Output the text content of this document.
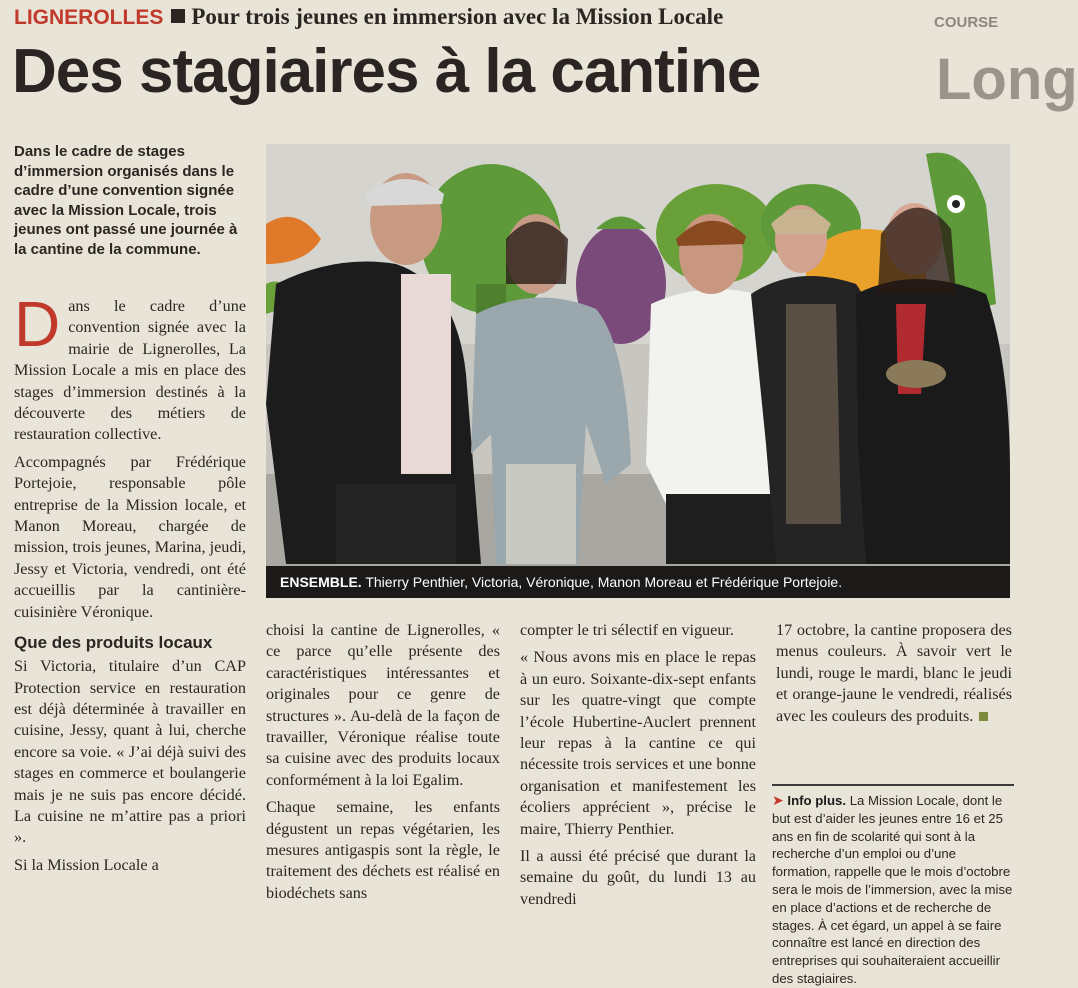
LIGNEROLLES Pour trois jeunes en immersion avec la Mission Locale
Des stagiaires à la cantine
COURSE
Long
Dans le cadre de stages d’immersion organisés dans le cadre d’une convention signée avec la Mission Locale, trois jeunes ont passé une journée à la cantine de la commune.

Dans le cadre d’une convention signée avec la mairie de Lignerolles, La Mission Locale a mis en place des stages d’immersion destinés à la découverte des métiers de restauration collective.

Accompagnés par Frédérique Portejoie, responsable pôle entreprise de la Mission locale, et Manon Moreau, chargée de mission, trois jeunes, Marina, jeudi, Jessy et Victoria, vendredi, ont été accueillis par la cantinière-cuisinière Véronique.

Que des produits locaux

Si Victoria, titulaire d’un CAP Protection service en restauration est déjà déterminée à travailler en cuisine, Jessy, quant à lui, cherche encore sa voie. « J’ai déjà suivi des stages en commerce et boulangerie mais je ne suis pas encore décidé. La cuisine ne m’attire pas a priori ».

Si la Mission Locale a

ENSEMBLE. Thierry Penthier, Victoria, Véronique, Manon Moreau et Frédérique Portejoie.

choisi la cantine de Lignerolles, « ce parce qu’elle présente des caractéristiques intéressantes et originales pour ce genre de structures ». Au-delà de la façon de travailler, Véronique réalise toute sa cuisine avec des produits locaux conformément à la loi Egalim.

Chaque semaine, les enfants dégustent un repas végétarien, les mesures antigaspis sont la règle, le traitement des déchets est réalisé en biodéchets sans

compter le tri sélectif en vigueur.

« Nous avons mis en place le repas à un euro. Soixante-dix-sept enfants sur les quatre-vingt que compte l’école Hubertine-Auclert prennent leur repas à la cantine ce qui nécessite trois services et une bonne organisation et manifestement les écoliers apprécient », précise le maire, Thierry Penthier.

Il a aussi été précisé que durant la semaine du goût, du lundi 13 au vendredi

17 octobre, la cantine proposera des menus couleurs. À savoir vert le lundi, rouge le mardi, blanc le jeudi et orange-jaune le vendredi, réalisés avec les couleurs des produits.

➤ Info plus. La Mission Locale, dont le but est d’aider les jeunes entre 16 et 25 ans en fin de scolarité qui sont à la recherche d’un emploi ou d’une formation, rappelle que le mois d’octobre sera le mois de l’immersion, avec la mise en place d’actions et de recherche de stages. À cet égard, un appel à se faire connaître est lancé en direction des entreprises qui souhaiteraient accueillir des stagiaires.
